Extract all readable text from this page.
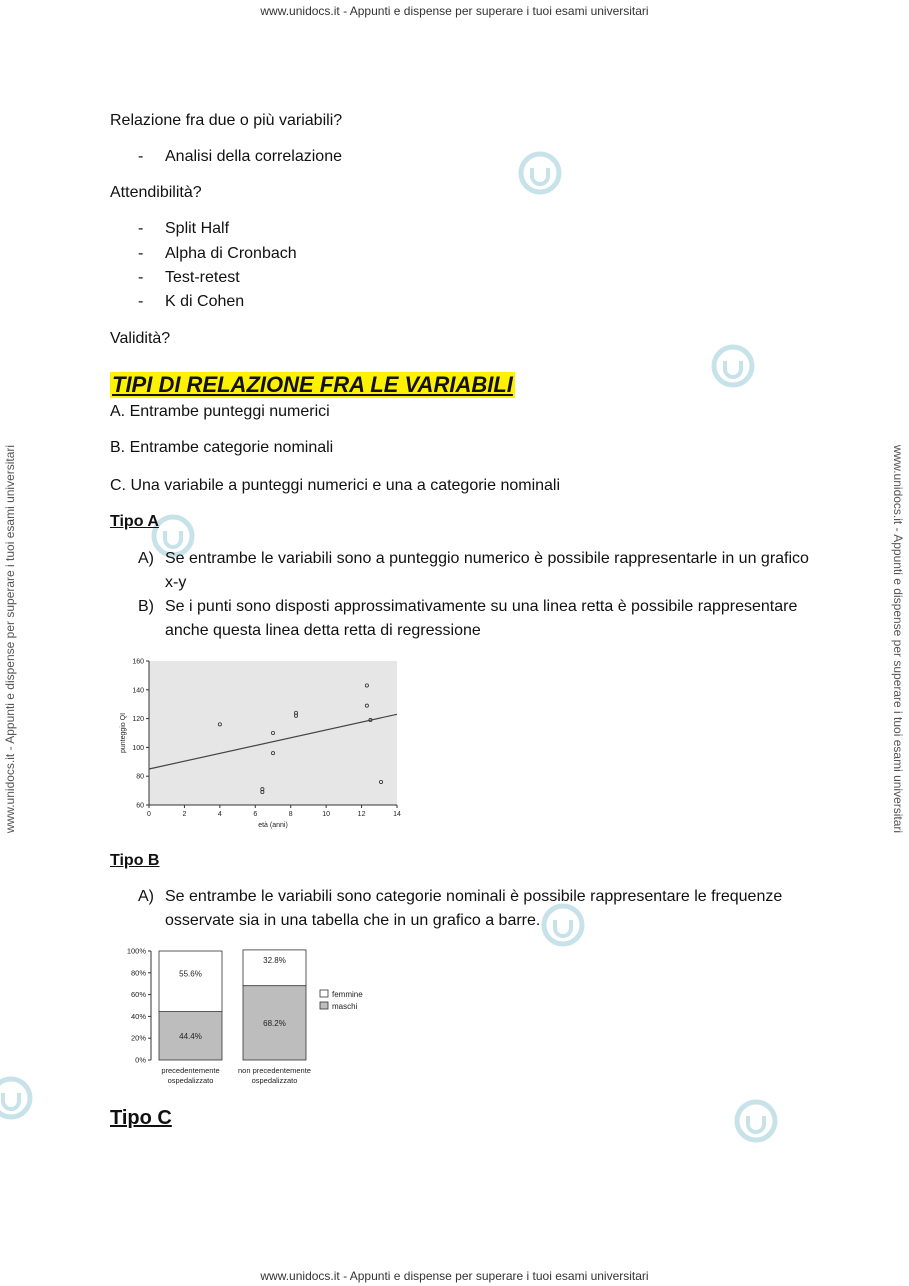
www.unidocs.it - Appunti e dispense per superare i tuoi esami universitari
www.unidocs.it - Appunti e dispense per superare i tuoi esami universitari
www.unidocs.it - Appunti e dispense per superare i tuoi esami universitari	www.unidocs.it - Appunti e dispense per superare i tuoi esami universitari
Relazione fra due o più variabili?
- Analisi della correlazione
Attendibilità?
- Split Half
- Alpha di Cronbach
- Test-retest
- K di Cohen
Validità?
TIPI DI RELAZIONE FRA LE VARIABILI
A. Entrambe punteggi numerici
B. Entrambe categorie nominali
C. Una variabile a punteggi numerici e una a categorie nominali
Tipo A
A) Se entrambe le variabili sono a punteggio numerico è possibile rappresentarle in un grafico x-y
B) Se i punti sono disposti approssimativamente su una linea retta è possibile rappresentare anche questa linea detta retta di regressione
0	2	4	6	8	10	12	14
60
80
100
120
140
160
età (anni)
punteggio QI
Tipo B
A) Se entrambe le variabili sono categorie nominali è possibile rappresentare le frequenze osservate sia in una tabella che in un grafico a barre.
0%
20%
40%
60%
80%
100%
44.4%
55.6%
precedentemente
ospedalizzato
68.2%
32.8%
non precedentemente
ospedalizzato
femmine
maschi
Tipo C
